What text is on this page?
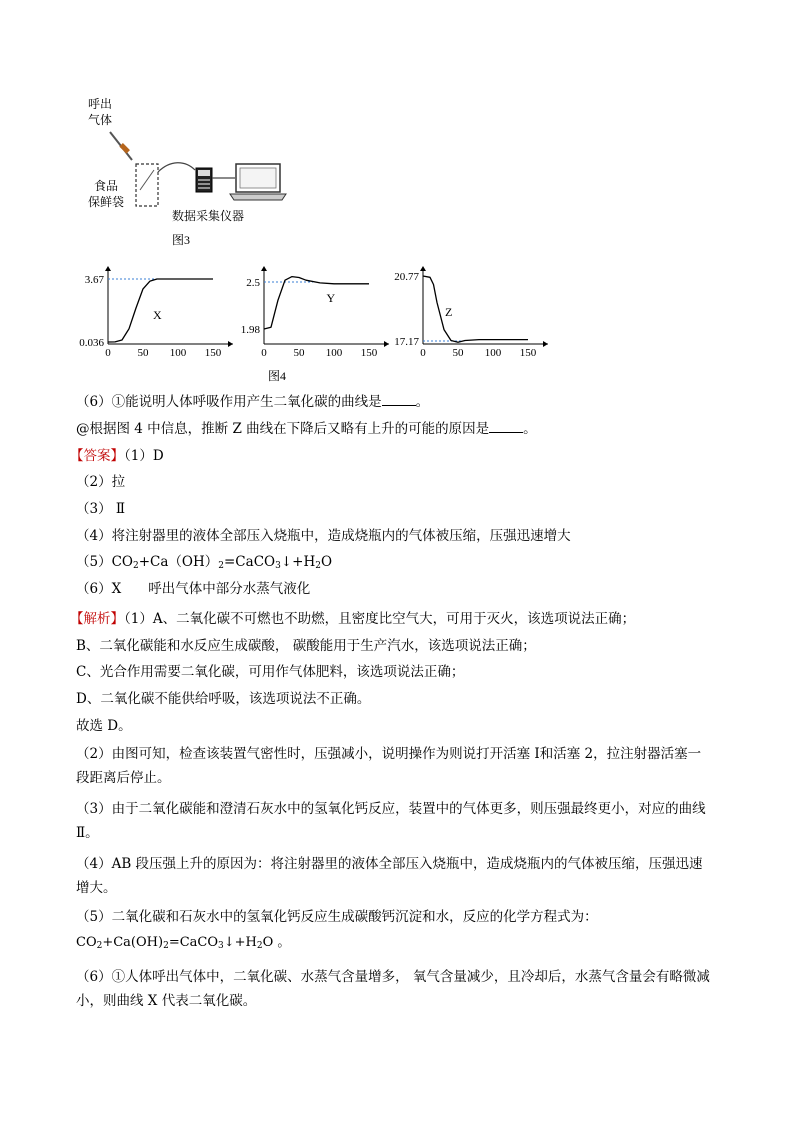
呼出
气体
食品
保鲜袋
数据采集仪器
图3
0 50 100 150
0.036
3.67
X
0 50 100 150
1.98
2.5
Y
0 50 100 150
17.17
20.77
Z
图4
（6）①能说明人体呼吸作用产生二氧化碳的曲线是	。
@根据图 4 中信息，推断 Z 曲线在下降后又略有上升的可能的原因是	。
【答案】（1）D
（2）拉
（3） Ⅱ
（4）将注射器里的液体全部压入烧瓶中，造成烧瓶内的气体被压缩，压强迅速增大
$(5)CO_2+Ca(OH)_2=CaCO_3↓+H_2O$
（6）X　　呼出气体中部分水蒸气液化
【解析】（1）A、二氧化碳不可燃也不助燃，且密度比空气大，可用于灭火，该选项说法正确；
B、二氧化碳能和水反应生成碳酸， 碳酸能用于生产汽水，该选项说法正确；
C、光合作用需要二氧化碳，可用作气体肥料，该选项说法正确；
D、二氧化碳不能供给呼吸，该选项说法不正确。
故选 D。
（2）由图可知，检查该装置气密性时，压强减小，说明操作为则说打开活塞 Ⅰ和活塞 2，拉注射器活塞一
段距离后停止。
（3）由于二氧化碳能和澄清石灰水中的氢氧化钙反应，装置中的气体更多，则压强最终更小，对应的曲线
Ⅱ。
（4）AB 段压强上升的原因为：将注射器里的液体全部压入烧瓶中，造成烧瓶内的气体被压缩，压强迅速
增大。
（5）二氧化碳和石灰水中的氢氧化钙反应生成碳酸钙沉淀和水，反应的化学方程式为：
$CO_2+Ca(OH)_2=CaCO_3↓+H_2O$ 。
（6）①人体呼出气体中，二氧化碳、水蒸气含量增多， 氧气含量减少，且冷却后，水蒸气含量会有略微减
小，则曲线 X 代表二氧化碳。
